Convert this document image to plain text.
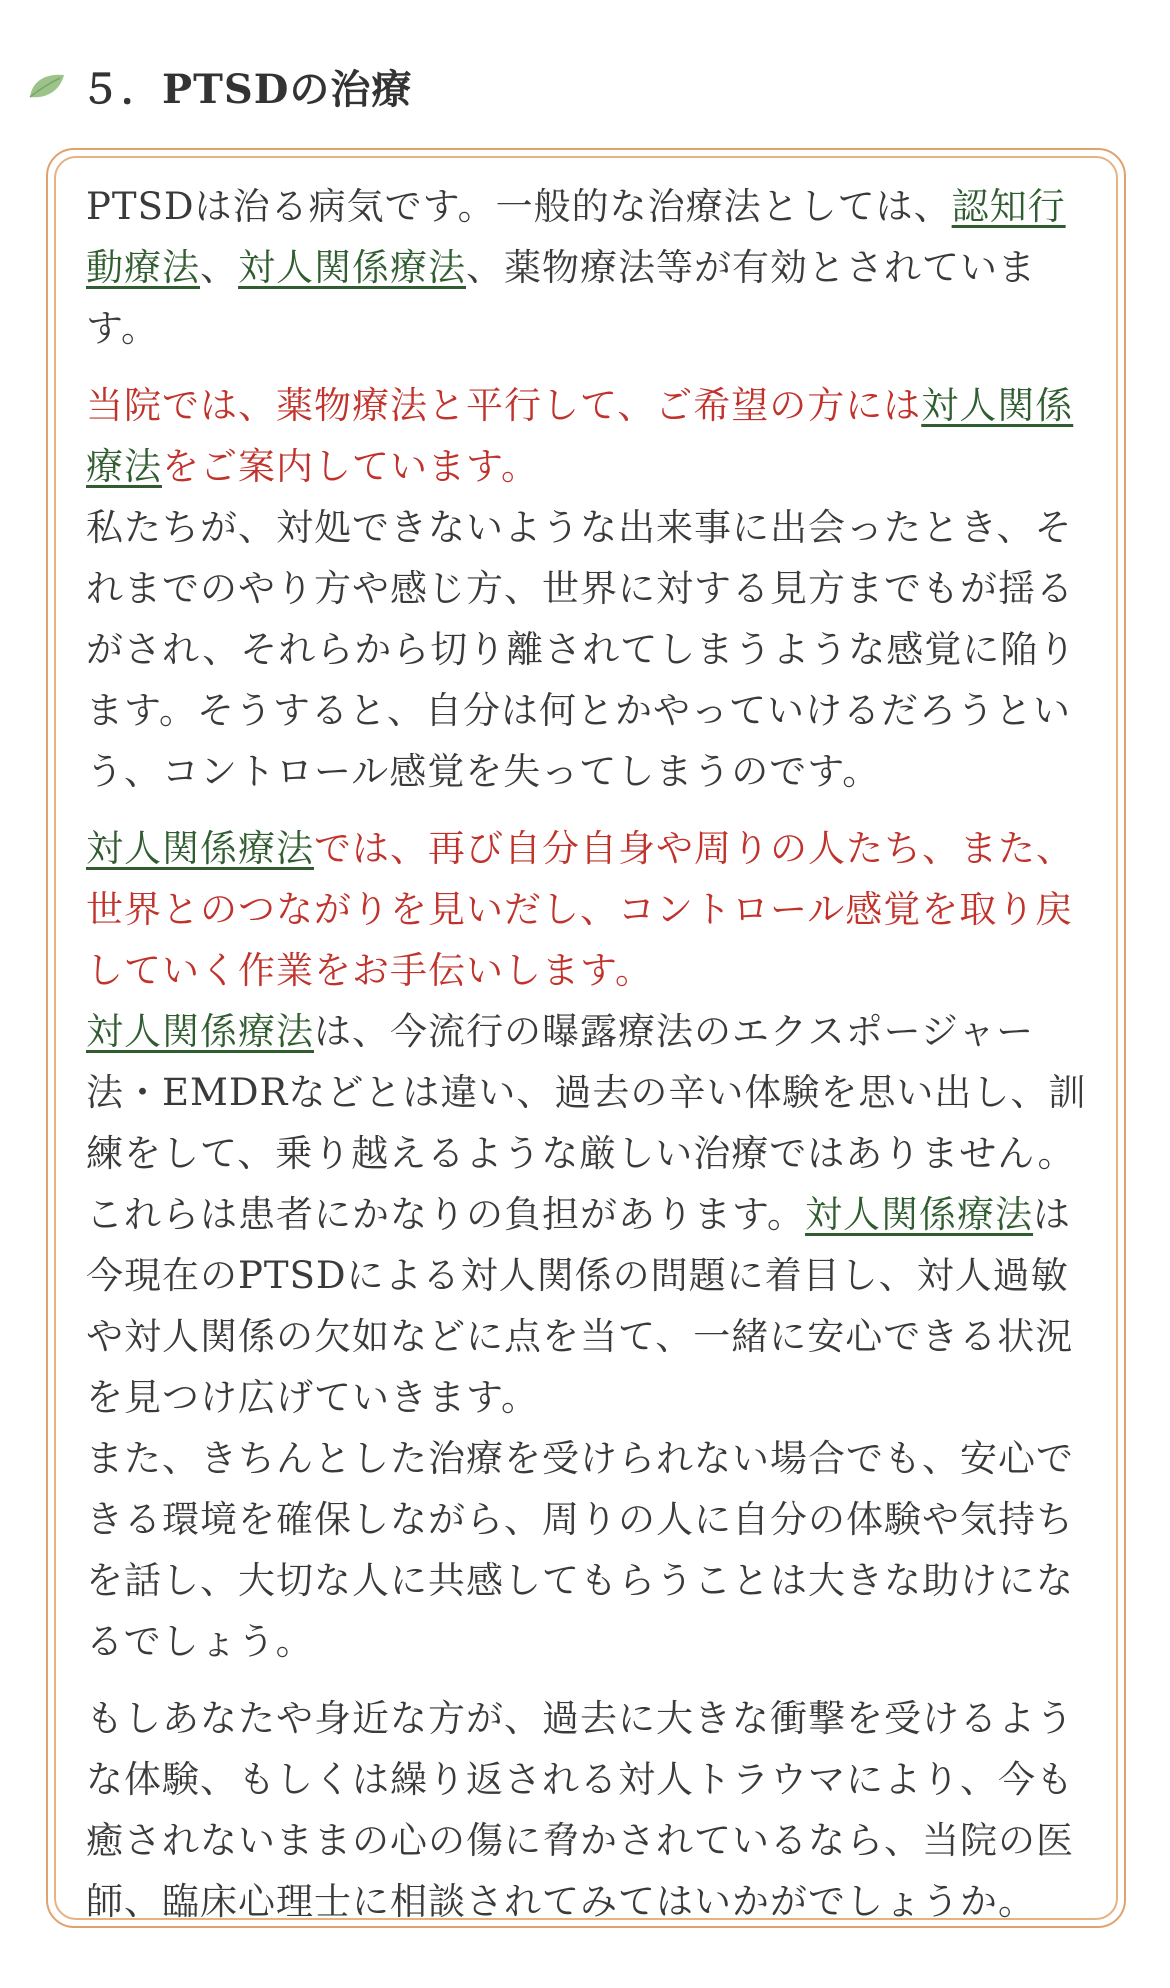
５．PTSDの治療

PTSDは治る病気です。一般的な治療法としては、認知行動療法、対人関係療法、薬物療法等が有効とされています。

当院では、薬物療法と平行して、ご希望の方には対人関係療法をご案内しています。

私たちが、対処できないような出来事に出会ったとき、それまでのやり方や感じ方、世界に対する見方までもが揺るがされ、それらから切り離されてしまうような感覚に陥ります。そうすると、自分は何とかやっていけるだろうという、コントロール感覚を失ってしまうのです。

対人関係療法では、再び自分自身や周りの人たち、また、世界とのつながりを見いだし、コントロール感覚を取り戻していく作業をお手伝いします。

対人関係療法は、今流行の曝露療法のエクスポージャー法・EMDRなどとは違い、過去の辛い体験を思い出し、訓練をして、乗り越えるような厳しい治療ではありません。これらは患者にかなりの負担があります。対人関係療法は今現在のPTSDによる対人関係の問題に着目し、対人過敏や対人関係の欠如などに点を当て、一緒に安心できる状況を見つけ広げていきます。

また、きちんとした治療を受けられない場合でも、安心できる環境を確保しながら、周りの人に自分の体験や気持ちを話し、大切な人に共感してもらうことは大きな助けになるでしょう。

もしあなたや身近な方が、過去に大きな衝撃を受けるような体験、もしくは繰り返される対人トラウマにより、今も癒されないままの心の傷に脅かされているなら、当院の医師、臨床心理士に相談されてみてはいかがでしょうか。
